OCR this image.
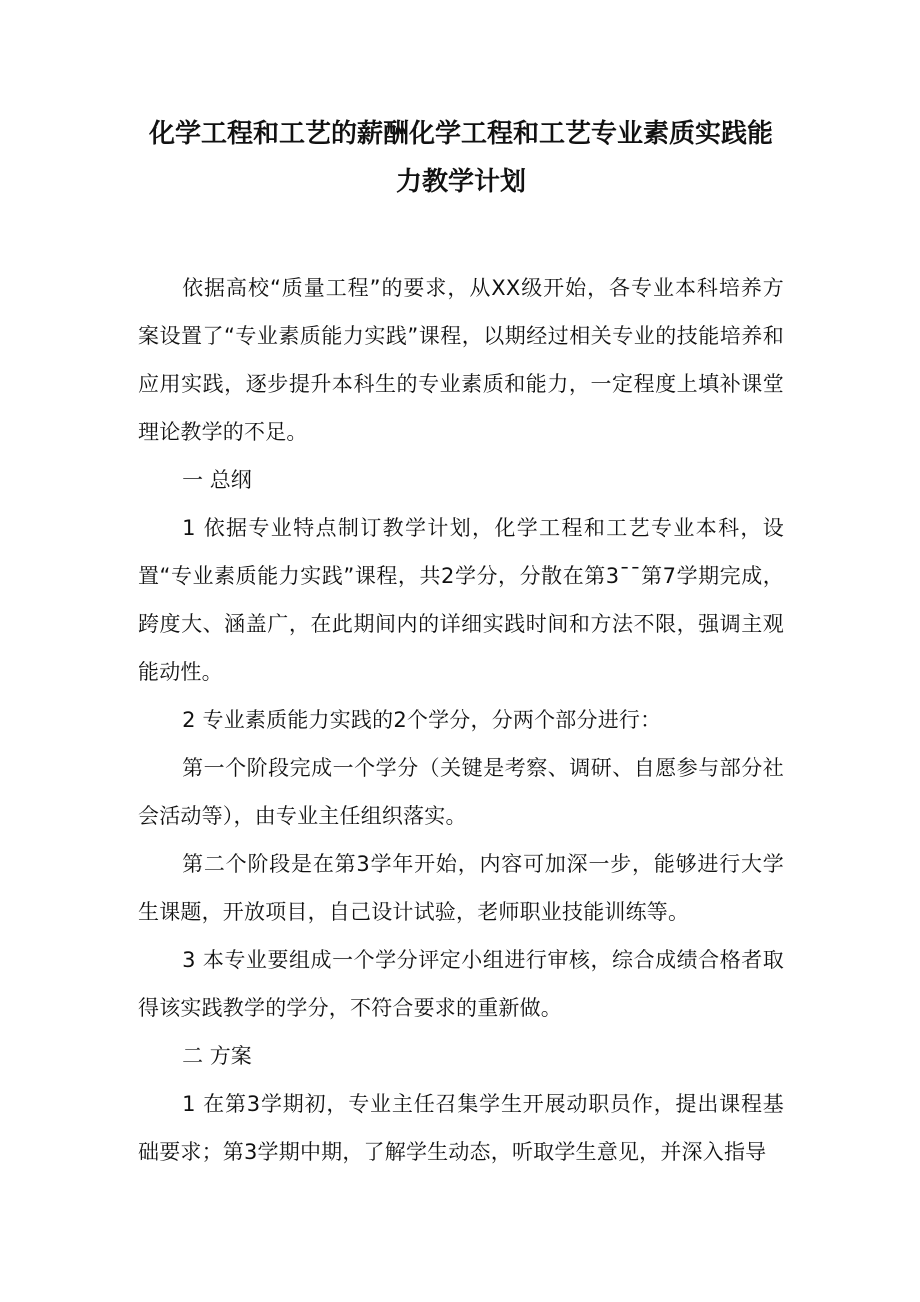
化学工程和工艺的薪酬化学工程和工艺专业素质实践能力教学计划

依据高校“质量工程”的要求，从XX级开始，各专业本科培养方案设置了“专业素质能力实践”课程，以期经过相关专业的技能培养和应用实践，逐步提升本科生的专业素质和能力，一定程度上填补课堂理论教学的不足。

一 总纲

1 依据专业特点制订教学计划，化学工程和工艺专业本科，设置“专业素质能力实践”课程，共2学分，分散在第3¯¯第7学期完成，跨度大、涵盖广，在此期间内的详细实践时间和方法不限，强调主观能动性。

2 专业素质能力实践的2个学分，分两个部分进行：

第一个阶段完成一个学分（关键是考察、调研、自愿参与部分社会活动等），由专业主任组织落实。

第二个阶段是在第3学年开始，内容可加深一步，能够进行大学生课题，开放项目，自己设计试验，老师职业技能训练等。

3 本专业要组成一个学分评定小组进行审核，综合成绩合格者取得该实践教学的学分，不符合要求的重新做。

二 方案

1 在第3学期初，专业主任召集学生开展动职员作，提出课程基础要求；第3学期中期，了解学生动态，听取学生意见，并深入指导
